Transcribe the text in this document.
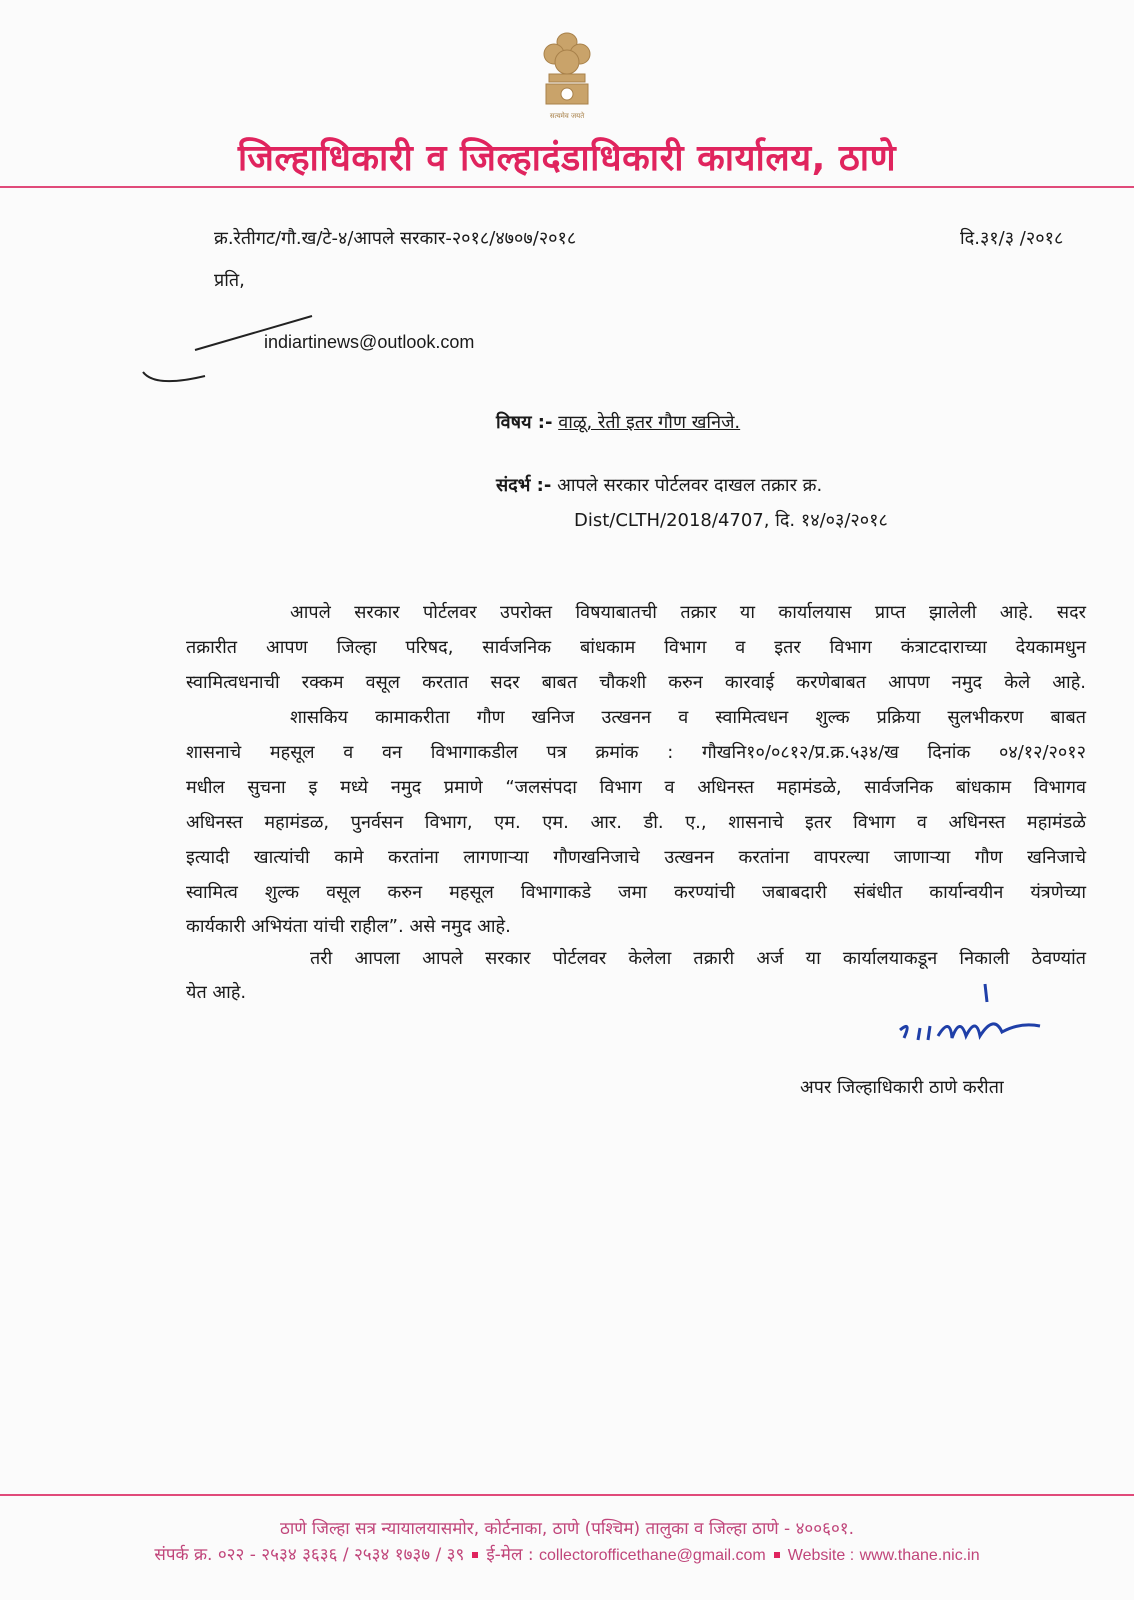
सत्यमेव जयते
जिल्हाधिकारी व जिल्हादंडाधिकारी कार्यालय, ठाणे
क्र.रेतीगट/गौ.ख/टे-४/आपले सरकार-२०१८/४७०७/२०१८	दि.३१/३ /२०१८
प्रति,
indiartinews@outlook.com
विषय :- वाळू, रेती इतर गौण खनिजे.
संदर्भ :- आपले सरकार पोर्टलवर दाखल तक्रार क्र.
Dist/CLTH/2018/4707, दि. १४/०३/२०१८
आपले सरकार पोर्टलवर उपरोक्त विषयाबातची तक्रार या कार्यालयास प्राप्त झालेली आहे. सदर
तक्रारीत आपण जिल्हा परिषद, सार्वजनिक बांधकाम विभाग व इतर विभाग कंत्राटदाराच्या देयकामधुन
स्वामित्वधनाची रक्कम वसूल करतात सदर बाबत चौकशी करुन कारवाई करणेबाबत आपण नमुद केले आहे.
शासकिय कामाकरीता गौण खनिज उत्खनन व स्वामित्वधन शुल्क प्रक्रिया सुलभीकरण बाबत
शासनाचे महसूल व वन विभागाकडील पत्र क्रमांक : गौखनि१०/०८१२/प्र.क्र.५३४/ख दिनांक ०४/१२/२०१२
मधील सुचना इ मध्ये नमुद प्रमाणे “जलसंपदा विभाग व अधिनस्त महामंडळे, सार्वजनिक बांधकाम विभागव
अधिनस्त महामंडळ, पुनर्वसन विभाग, एम. एम. आर. डी. ए., शासनाचे इतर विभाग व अधिनस्त महामंडळे
इत्यादी खात्यांची कामे करतांना लागणाऱ्या गौणखनिजाचे उत्खनन करतांना वापरल्या जाणाऱ्या गौण खनिजाचे
स्वामित्व शुल्क वसूल करुन महसूल विभागाकडे जमा करण्यांची जबाबदारी संबंधीत कार्यान्वयीन यंत्रणेच्या
कार्यकारी अभियंता यांची राहील”. असे नमुद आहे.
तरी आपला आपले सरकार पोर्टलवर केलेला तक्रारी अर्ज या कार्यालयाकडून निकाली ठेवण्यांत
येत आहे.
अपर जिल्हाधिकारी ठाणे करीता
ठाणे जिल्हा सत्र न्यायालयासमोर, कोर्टनाका, ठाणे (पश्चिम) तालुका व जिल्हा ठाणे - ४००६०१.
संपर्क क्र. ०२२ - २५३४ ३६३६ / २५३४ १७३७ / ३९ ई-मेल : collectorofficethane@gmail.com Website : www.thane.nic.in
